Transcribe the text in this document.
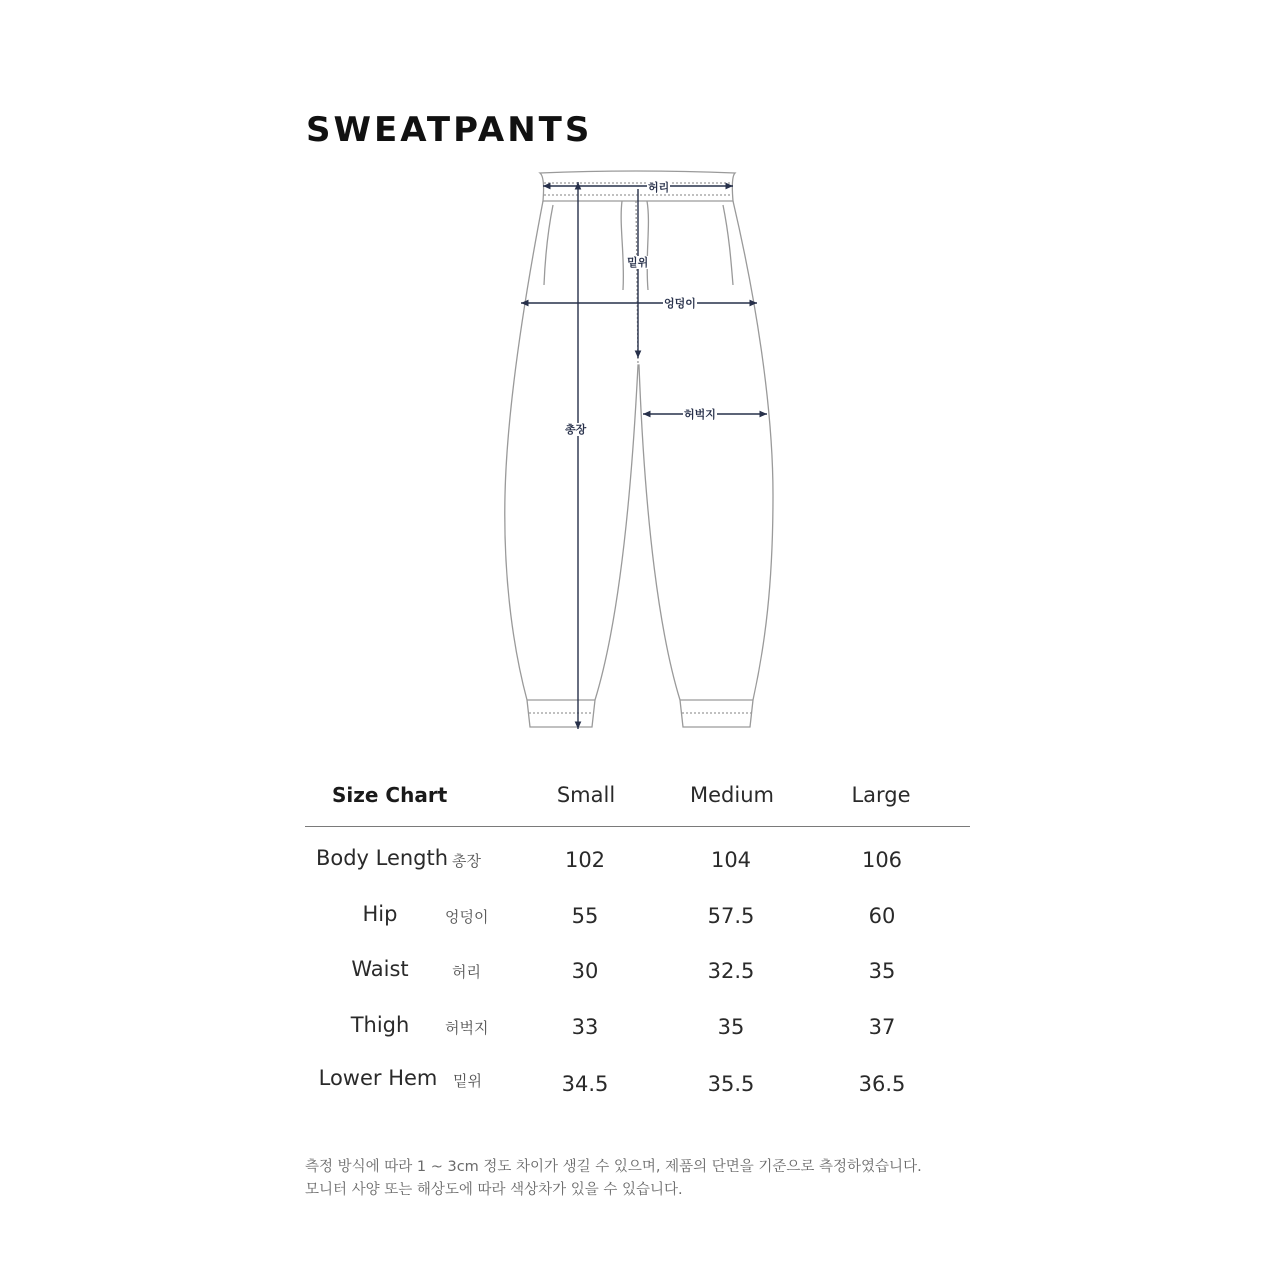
SWEATPANTS
허리
밑위
엉덩이
허벅지
총장
Size Chart	Small	Medium	Large
Body Length 총장	102	104	106
Hip	엉덩이	55	57.5	60
Waist	허리	30	32.5	35
Thigh	허벅지	33	35	37
Lower Hem	밑위	34.5	35.5	36.5
측정 방식에 따라 1 ~ 3cm 정도 차이가 생길 수 있으며, 제품의 단면을 기준으로 측정하였습니다.
모니터 사양 또는 해상도에 따라 색상차가 있을 수 있습니다.
